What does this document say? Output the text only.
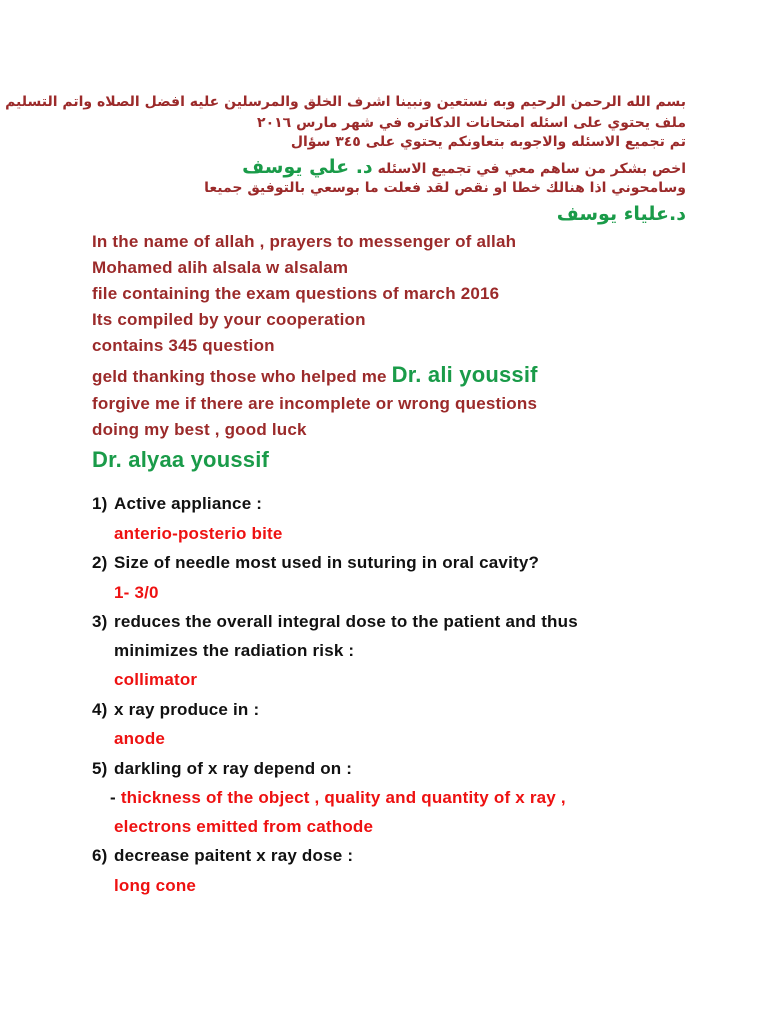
بسم الله الرحمن الرحيم وبه نستعين ونبينا اشرف الخلق والمرسلين عليه افضل الصلاه واتم التسليم
ملف يحتوي على اسئله امتحانات الدكاتره في شهر مارس ٢٠١٦
تم تجميع الاسئله والاجوبه بتعاونكم يحتوي على ٣٤٥ سؤال
اخص بشكر من ساهم معي في تجميع الاسئله د. علي يوسف
وسامحوني اذا هنالك خطا او نقص لقد فعلت ما بوسعي بالتوفيق جميعا
د.علياء يوسف
In the name of allah , prayers to messenger of allah
Mohamed alih alsala w alsalam
file containing the exam questions of march 2016
Its compiled by your cooperation
contains 345 question
geld thanking those who helped me Dr. ali youssif
forgive me if there are incomplete or wrong questions
doing my best , good luck
Dr. alyaa youssif
1) Active appliance :
anterio-posterio bite
2) Size of needle most used in suturing in oral cavity?
1- 3/0
3) reduces the overall integral dose to the patient and thus
minimizes the radiation risk :
collimator
4) x ray produce in :
anode
5) darkling of x ray depend on :
- thickness of the object , quality and quantity of x ray ,
electrons emitted from cathode
6) decrease paitent x ray dose :
long cone
